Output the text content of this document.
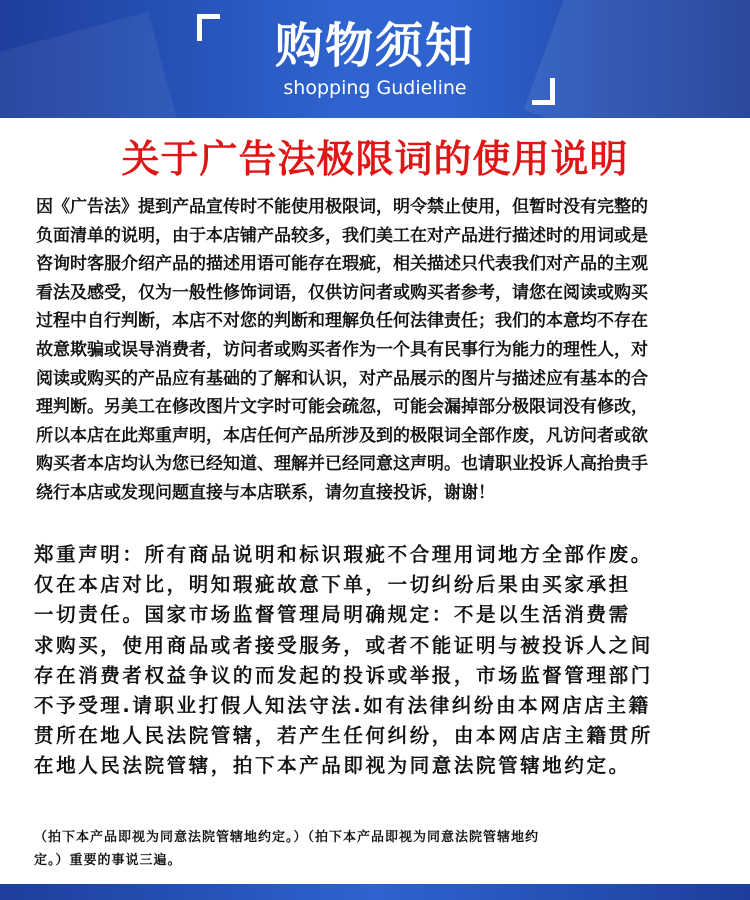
购物须知
shopping Gudieline
关于广告法极限词的使用说明
因《广告法》提到产品宣传时不能使用极限词，明令禁止使用，但暂时没有完整的
负面清单的说明，由于本店铺产品较多，我们美工在对产品进行描述时的用词或是
咨询时客服介绍产品的描述用语可能存在瑕疵，相关描述只代表我们对产品的主观
看法及感受，仅为一般性修饰词语，仅供访问者或购买者参考，请您在阅读或购买
过程中自行判断，本店不对您的判断和理解负任何法律责任；我们的本意均不存在
故意欺骗或误导消费者，访问者或购买者作为一个具有民事行为能力的理性人，对
阅读或购买的产品应有基础的了解和认识，对产品展示的图片与描述应有基本的合
理判断。另美工在修改图片文字时可能会疏忽，可能会漏掉部分极限词没有修改，
所以本店在此郑重声明，本店任何产品所涉及到的极限词全部作废，凡访问者或欲
购买者本店均认为您已经知道、理解并已经同意这声明。也请职业投诉人高抬贵手
绕行本店或发现问题直接与本店联系，请勿直接投诉，谢谢！
郑重声明：所有商品说明和标识瑕疵不合理用词地方全部作废。
仅在本店对比，明知瑕疵故意下单，一切纠纷后果由买家承担
一切责任。国家市场监督管理局明确规定：不是以生活消费需
求购买，使用商品或者接受服务，或者不能证明与被投诉人之间
存在消费者权益争议的而发起的投诉或举报，市场监督管理部门
不予受理.请职业打假人知法守法.如有法律纠纷由本网店店主籍
贯所在地人民法院管辖，若产生任何纠纷，由本网店店主籍贯所
在地人民法院管辖，拍下本产品即视为同意法院管辖地约定。
（拍下本产品即视为同意法院管辖地约定。）（拍下本产品即视为同意法院管辖地约
定。）重要的事说三遍。
